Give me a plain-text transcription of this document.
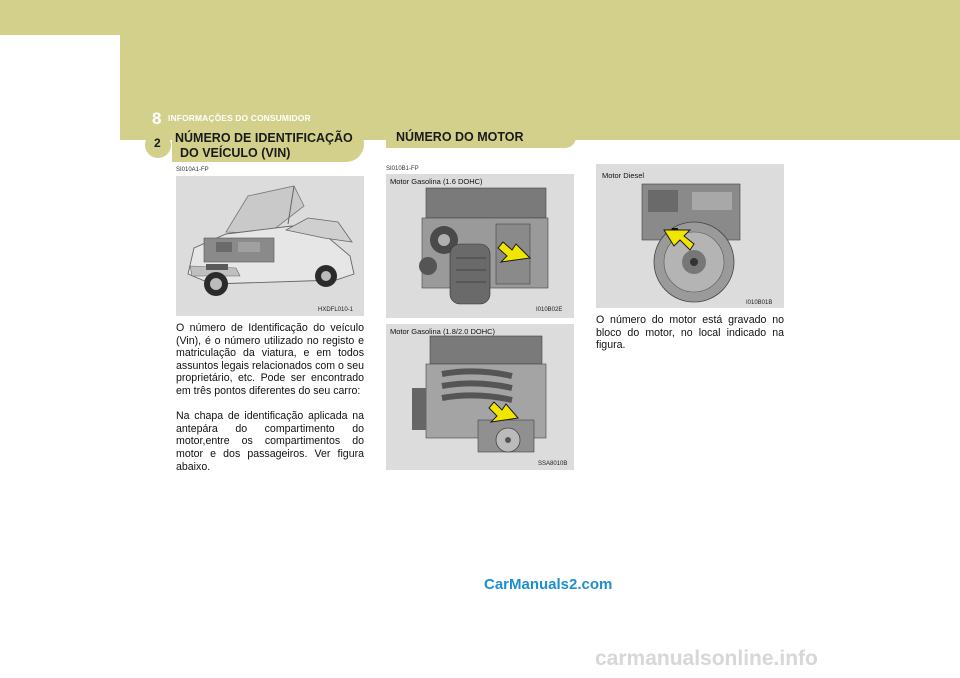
8 INFORMAÇÕES DO CONSUMIDOR
2 NÚMERO DE IDENTIFICAÇÃO
DO VEÍCULO (VIN)
SI010A1-FP
HXDFL010-1

O número de Identificação do veículo (Vin), é o número utilizado no registo e matriculação da viatura, e em todos assuntos legais relacionados com o seu proprietário, etc. Pode ser encontrado em três pontos diferentes do seu carro:

Na chapa de identificação aplicada na antepára do compartimento do motor,entre os compartimentos do motor e dos passageiros. Ver figura abaixo.

NÚMERO DO MOTOR
SI010B1-FP
Motor Gasolina (1.6 DOHC)
I010B02E
Motor Gasolina (1.8/2.0 DOHC)
SSA8010B
Motor Diesel
I010B01B

O número do motor está gravado no bloco do motor, no local indicado na figura.

CarManuals2.com
carmanualsonline.info
